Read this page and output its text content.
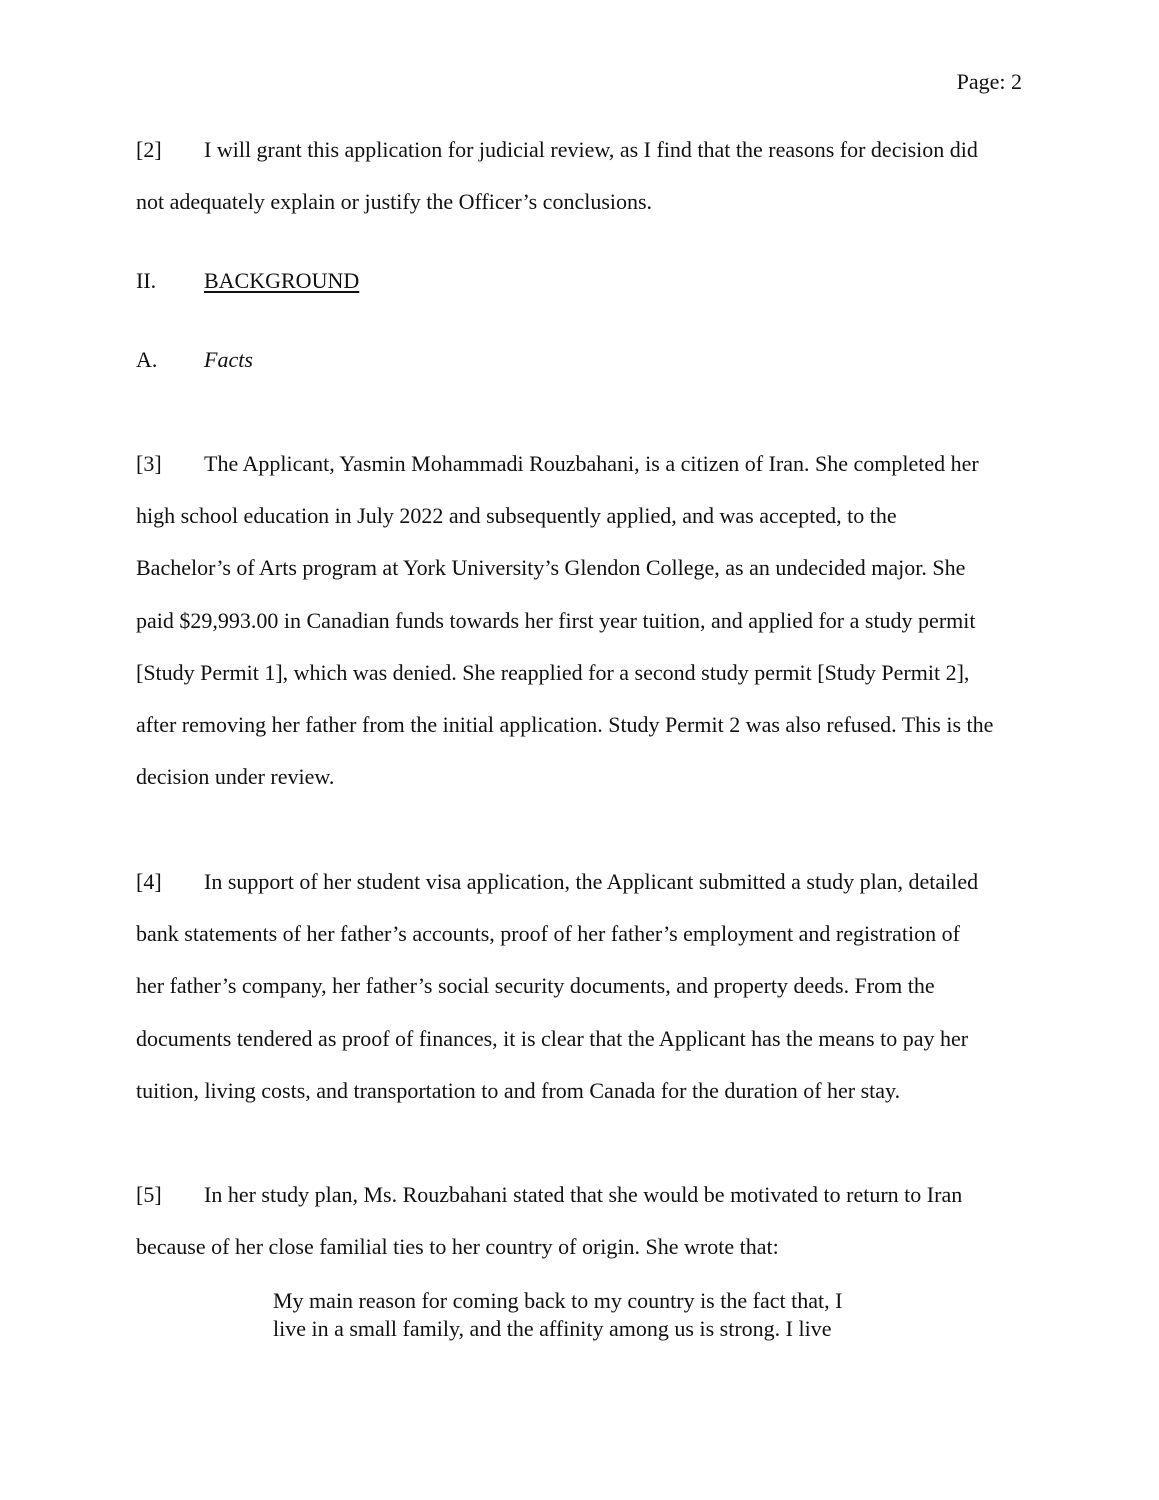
Page: 2
[2] I will grant this application for judicial review, as I find that the reasons for decision did
not adequately explain or justify the Officer’s conclusions.
II. BACKGROUND
A. Facts
[3] The Applicant, Yasmin Mohammadi Rouzbahani, is a citizen of Iran. She completed her
high school education in July 2022 and subsequently applied, and was accepted, to the
Bachelor’s of Arts program at York University’s Glendon College, as an undecided major. She
paid $29,993.00 in Canadian funds towards her first year tuition, and applied for a study permit
[Study Permit 1], which was denied. She reapplied for a second study permit [Study Permit 2],
after removing her father from the initial application. Study Permit 2 was also refused. This is the
decision under review.
[4] In support of her student visa application, the Applicant submitted a study plan, detailed
bank statements of her father’s accounts, proof of her father’s employment and registration of
her father’s company, her father’s social security documents, and property deeds. From the
documents tendered as proof of finances, it is clear that the Applicant has the means to pay her
tuition, living costs, and transportation to and from Canada for the duration of her stay.
[5] In her study plan, Ms. Rouzbahani stated that she would be motivated to return to Iran
because of her close familial ties to her country of origin. She wrote that:
My main reason for coming back to my country is the fact that, I
live in a small family, and the affinity among us is strong. I live
